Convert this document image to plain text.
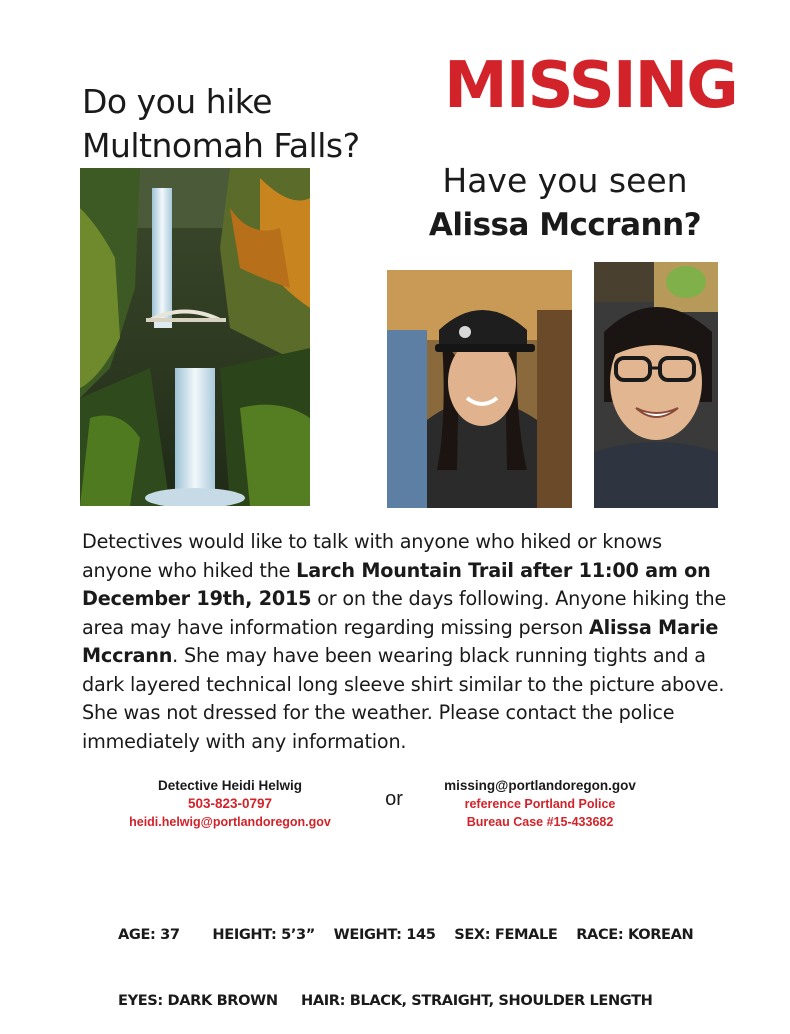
Do you hike
Multnomah Falls?
MISSING
Have you seen
Alissa Mccrann?
Detectives would like to talk with anyone who hiked or knows anyone who hiked the Larch Mountain Trail after 11:00 am on December 19th, 2015 or on the days following. Anyone hiking the area may have information regarding missing person Alissa Marie Mccrann. She may have been wearing black running tights and a dark layered technical long sleeve shirt similar to the picture above. She was not dressed for the weather. Please contact the police immediately with any information.
Detective Heidi Helwig
503-823-0797
heidi.helwig@portlandoregon.gov
or
missing@portlandoregon.gov
reference Portland Police
Bureau Case #15-433682

AGE: 37       HEIGHT: 5’3”    WEIGHT: 145    SEX: FEMALE    RACE: KOREAN

EYES: DARK BROWN     HAIR: BLACK, STRAIGHT, SHOULDER LENGTH
